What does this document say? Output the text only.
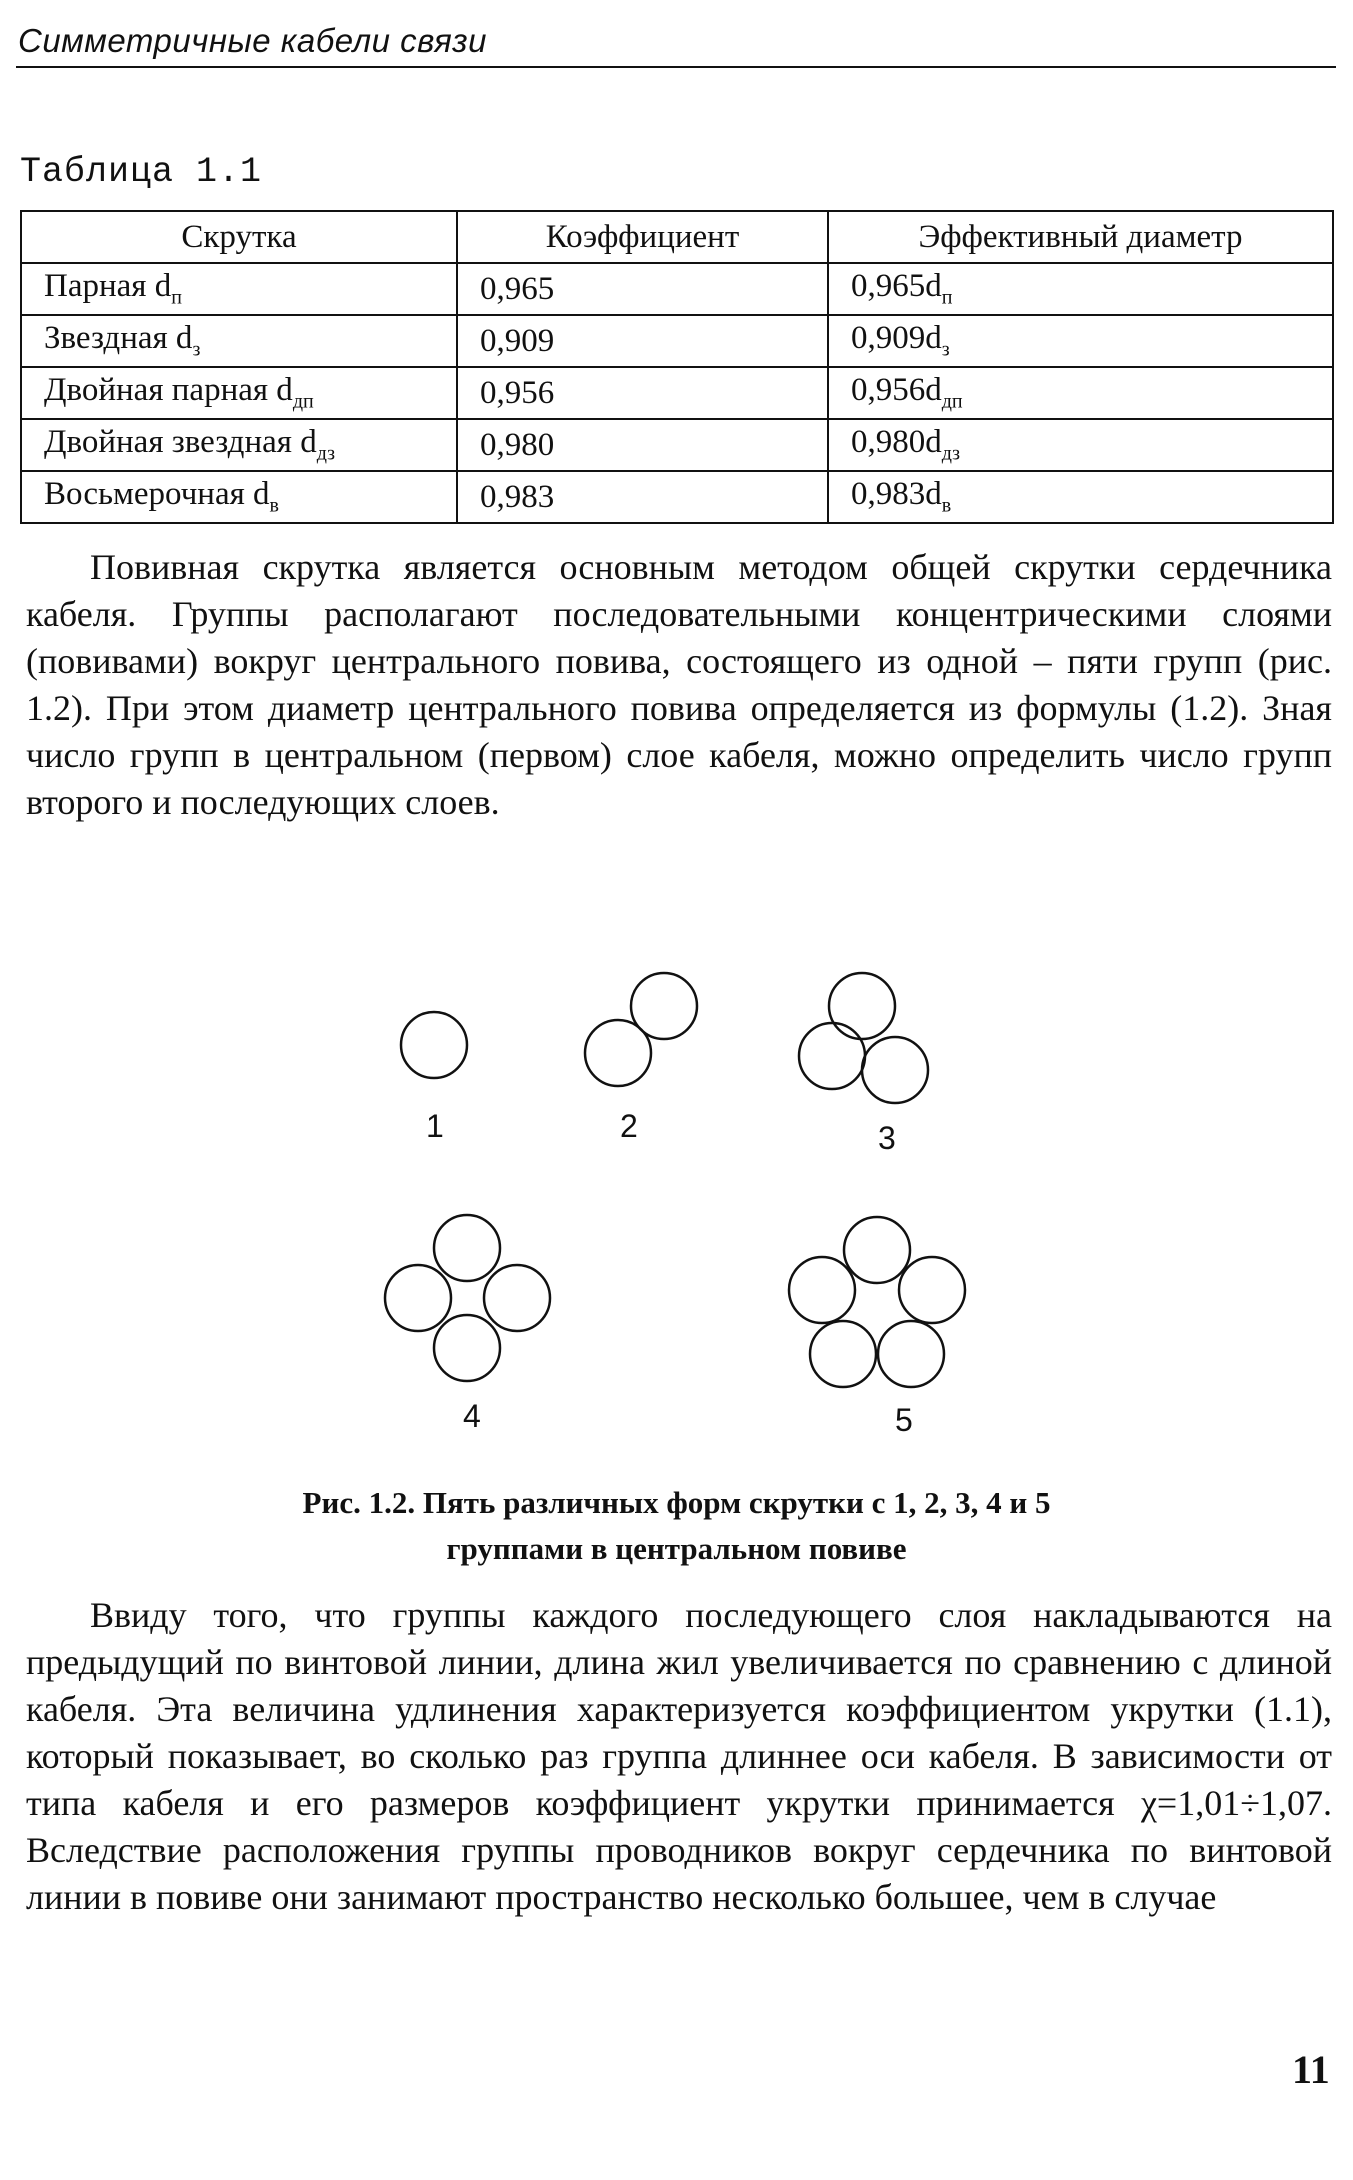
Симметричные кабели связи
Таблица 1.1
Скрутка	Коэффициент	Эффективный диаметр
Парная $d_п$	0,965	$0,965d_п$
Звездная $d_з$	0,909	$0,909d_з$
Двойная парная $d_{дп}$	0,956	$0,956d_{дп}$
Двойная звездная $d_{дз}$	0,980	$0,980d_{дз}$
Восьмерочная $d_в$	0,983	$0,983d_в$

Повивная скрутка является основным методом общей скрутки сердечника кабеля. Группы располагают последовательными концентрическими слоями (повивами) вокруг центрального повива, состоящего из одной – пяти групп (рис. 1.2). При этом диаметр центрального повива определяется из формулы (1.2). Зная число групп в центральном (первом) слое кабеля, можно определить число групп второго и последующих слоев.

1	2	3
4	5
Рис. 1.2. Пять различных форм скрутки с 1, 2, 3, 4 и 5
группами в центральном повиве

Ввиду того, что группы каждого последующего слоя накладываются на предыдущий по винтовой линии, длина жил увеличивается по сравнению с длиной кабеля. Эта величина удлинения характеризуется коэффициентом укрутки (1.1), который показывает, во сколько раз группа длиннее оси кабеля. В зависимости от типа кабеля и его размеров коэффициент укрутки принимается χ=1,01÷1,07. Вследствие расположения группы проводников вокруг сердечника по винтовой линии в повиве они занимают пространство несколько большее, чем в случае

11
